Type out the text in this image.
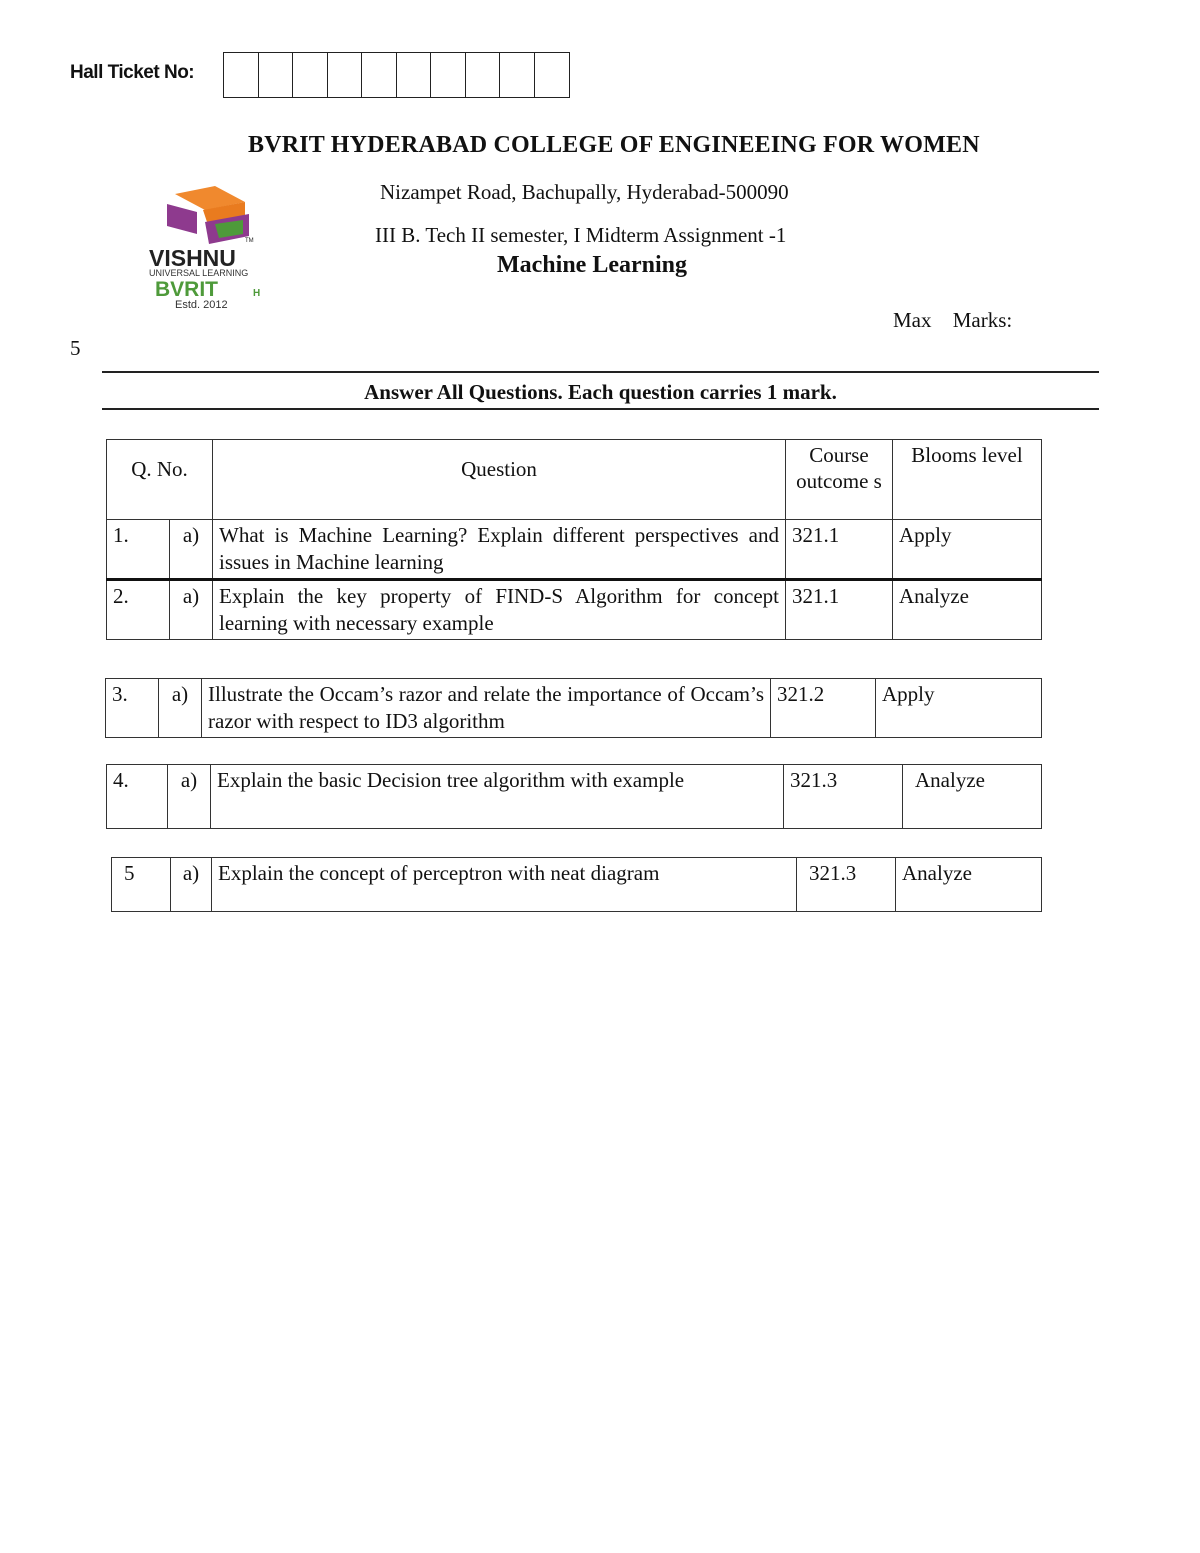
Hall Ticket No:
TM
VISHNU
UNIVERSAL LEARNING
BVRIT	H
Estd. 2012
BVRIT HYDERABAD COLLEGE OF ENGINEEING FOR WOMEN
Nizampet Road, Bachupally, Hyderabad-500090
III B. Tech II semester, I Midterm Assignment -1
Machine Learning
Max Marks:
5
Answer All Questions. Each question carries 1 mark.
Q. No.		Question	Course outcome s	Blooms level
1.	a)	What is Machine Learning? Explain different perspectives and issues in Machine learning	321.1	Apply
2.	a)	Explain the key property of FIND-S Algorithm for concept learning with necessary example	321.1	Analyze
3.	a)	Illustrate the Occam’s razor and relate the importance of Occam’s razor with respect to ID3 algorithm	321.2	Apply
4.	a)	Explain the basic Decision tree algorithm with example	321.3	Analyze
5	a)	Explain the concept of perceptron with neat diagram	321.3	Analyze
